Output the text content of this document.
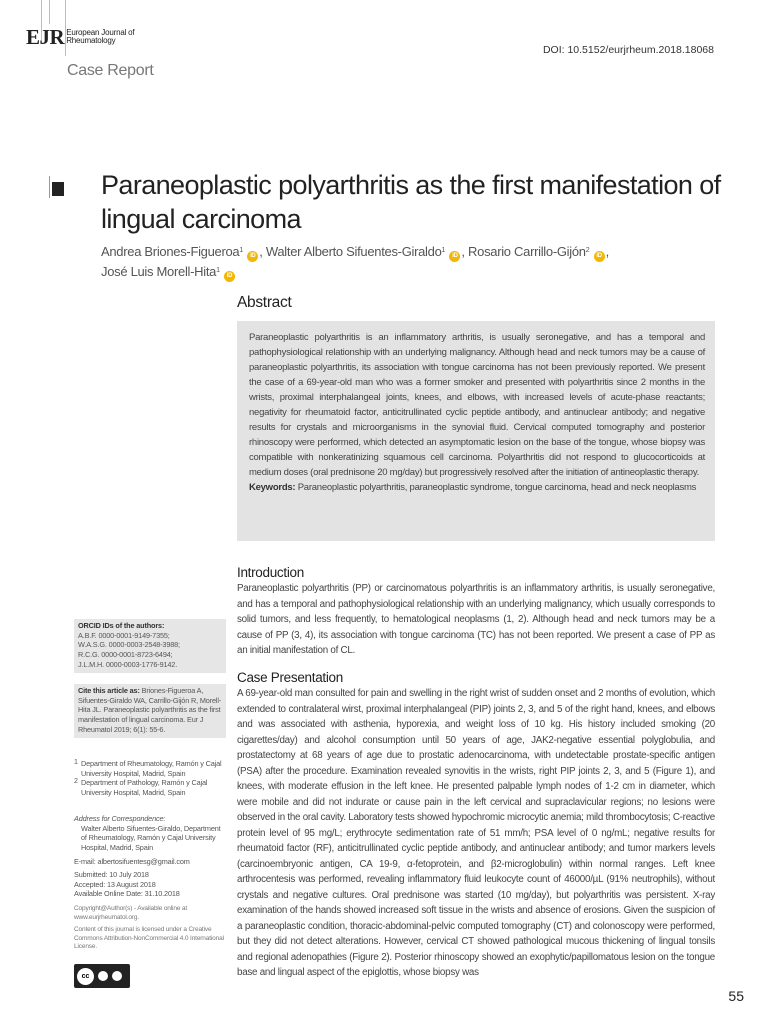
EJR European Journal of
Rheumatology
DOI: 10.5152/eurjrheum.2018.18068
Case Report
Paraneoplastic polyarthritis as the first manifestation of lingual carcinoma
Andrea Briones-Figueroa$^1$ iD , Walter Alberto Sifuentes-Giraldo$^1$ iD , Rosario Carrillo-Gijón$^2$ iD ,
José Luis Morell-Hita$^1$ iD
Abstract

Paraneoplastic polyarthritis is an inflammatory arthritis, is usually seronegative, and has a temporal and pathophysiological relationship with an underlying malignancy. Although head and neck tumors may be a cause of paraneoplastic polyarthritis, its association with tongue carcinoma has not been previously reported. We present the case of a 69-year-old man who was a former smoker and presented with polyarthritis since 2 months in the wrists, proximal interphalangeal joints, knees, and elbows, with increased levels of acute-phase reactants; negativity for rheumatoid factor, anticitrullinated cyclic peptide antibody, and antinuclear antibody; and negative results for crystals and microorganisms in the synovial fluid. Cervical computed tomography and posterior rhinoscopy were performed, which detected an asymptomatic lesion on the base of the tongue, whose biopsy was compatible with nonkeratinizing squamous cell carcinoma. Polyarthritis did not respond to glucocorticoids at medium doses (oral prednisone 20 mg/day) but progressively resolved after the initiation of antineoplastic therapy.
Keywords: Paraneoplastic polyarthritis, paraneoplastic syndrome, tongue carcinoma, head and neck neoplasms

Introduction

Paraneoplastic polyarthritis (PP) or carcinomatous polyarthritis is an inflammatory arthritis, is usually seronegative, and has a temporal and pathophysiological relationship with an underlying malignancy, which usually corresponds to solid tumors, and less frequently, to hematological neoplasms (1, 2). Although head and neck tumors may be a cause of PP (3, 4), its association with tongue carcinoma (TC) has not been reported. We present a case of PP as an initial manifestation of CL.

Case Presentation

A 69-year-old man consulted for pain and swelling in the right wrist of sudden onset and 2 months of evolution, which extended to contralateral wirst, proximal interphalangeal (PIP) joints 2, 3, and 5 of the right hand, knees, and elbows and was associated with asthenia, hyporexia, and weight loss of 10 kg. His history included smoking (20 cigarettes/day) and alcohol consumption until 50 years of age, JAK2-negative essential polyglobulia, and prostatectomy at 68 years of age due to prostatic adenocarcinoma, with undetectable prostate-specific antigen (PSA) after the procedure. Examination revealed synovitis in the wrists, right PIP joints 2, 3, and 5 (Figure 1), and knees, with moderate effusion in the left knee. He presented palpable lymph nodes of 1-2 cm in diameter, which were mobile and did not indurate or cause pain in the left cervical and supraclavicular regions; no lesions were observed in the oral cavity. Laboratory tests showed hypochromic microcytic anemia; mild thrombocytosis; C-reactive protein level of 95 mg/L; erythrocyte sedimentation rate of 51 mm/h; PSA level of 0 ng/mL; negative results for rheumatoid factor (RF), anticitrullinated cyclic peptide antibody, and antinuclear antibody; and tumor markers levels (carcinoembryonic antigen, CA 19-9, α-fetoprotein, and β2-microglobulin) within normal ranges. Left knee arthrocentesis was performed, revealing inflammatory fluid leukocyte count of 46000/µL (91% neutrophils), without crystals and negative cultures. Oral prednisone was started (10 mg/day), but polyarthritis was persistent. X-ray examination of the hands showed increased soft tissue in the wrists and absence of erosions. Given the suspicion of a paraneoplastic condition, thoracic-abdominal-pelvic computed tomography (CT) and colonoscopy were performed, but they did not detect alterations. However, cervical CT showed pathological mucous thickening of lingual tonsils and regional adenopathies (Figure 2). Posterior rhinoscopy showed an exophytic/papillomatous lesion on the tongue base and lingual aspect of the epiglottis, whose biopsy was

ORCID IDs of the authors:

A.B.F. 0000-0001-9149-7355;

W.A.S.G. 0000-0003-2548-3988;

R.C.G. 0000-0001-8723-6494;

J.L.M.H. 0000-0003-1776-9142.

Cite this article as: Briones-Figueroa A, Sifuentes-Giraldo WA, Carrillo-Gijón R, Morell-Hita JL. Paraneoplastic polyarthritis as the first manifestation of lingual carcinoma. Eur J Rheumatol 2019; 6(1): 55-6.

1 Department of Rheumatology, Ramón y Cajal University Hospital, Madrid, Spain

2 Department of Pathology, Ramón y Cajal University Hospital, Madrid, Spain

Address for Correspondence:

Walter Alberto Sifuentes-Giraldo, Department of Rheumatology, Ramón y Cajal University Hospital, Madrid, Spain

E-mail: albertosifuentesg@gmail.com

Submitted: 10 July 2018

Accepted: 13 August 2018

Available Online Date: 31.10.2018

Copyright@Author(s) - Available online at www.eurjrheumatol.org.
Content of this journal is licensed under a Creative Commons Attribution-NonCommercial 4.0 International License.
cc
55
